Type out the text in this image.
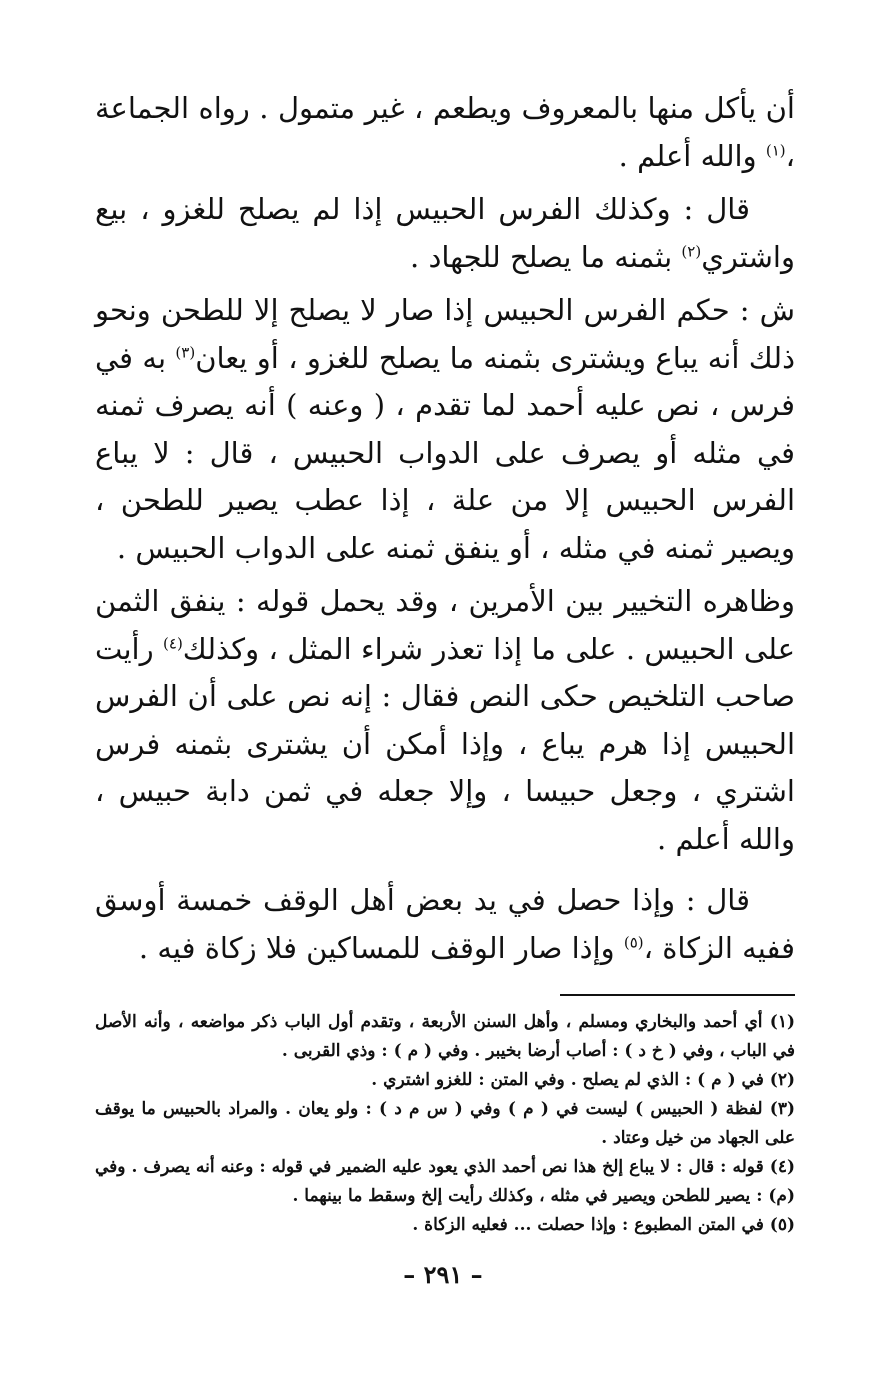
أن يأكل منها بالمعروف ويطعم ، غير متمول . رواه الجماعة ،$^{(١)}$ والله أعلم .

قال : وكذلك الفرس الحبيس إذا لم يصلح للغزو ، بيع واشتري$^{(٢)}$ بثمنه ما يصلح للجهاد .

ش : حكم الفرس الحبيس إذا صار لا يصلح إلا للطحن ونحو ذلك أنه يباع ويشترى بثمنه ما يصلح للغزو ، أو يعان$^{(٣)}$ به في فرس ، نص عليه أحمد لما تقدم ، ( وعنه ) أنه يصرف ثمنه في مثله أو يصرف على الدواب الحبيس ، قال : لا يباع الفرس الحبيس إلا من علة ، إذا عطب يصير للطحن ، ويصير ثمنه في مثله ، أو ينفق ثمنه على الدواب الحبيس .

وظاهره التخيير بين الأمرين ، وقد يحمل قوله : ينفق الثمن على الحبيس . على ما إذا تعذر شراء المثل ، وكذلك$^{(٤)}$ رأيت صاحب التلخيص حكى النص فقال : إنه نص على أن الفرس الحبيس إذا هرم يباع ، وإذا أمكن أن يشترى بثمنه فرس اشتري ، وجعل حبيسا ، وإلا جعله في ثمن دابة حبيس ، والله أعلم .

قال : وإذا حصل في يد بعض أهل الوقف خمسة أوسق ففيه الزكاة ،$^{(٥)}$ وإذا صار الوقف للمساكين فلا زكاة فيه .

(١) أي أحمد والبخاري ومسلم ، وأهل السنن الأربعة ، وتقدم أول الباب ذكر مواضعه ، وأنه الأصل في الباب ، وفي ( خ د ) : أصاب أرضا بخيبر . وفي ( م ) : وذي القربى .

(٢) في ( م ) : الذي لم يصلح . وفي المتن : للغزو اشتري .

(٣) لفظة ( الحبيس ) ليست في ( م ) وفي ( س م د ) : ولو يعان . والمراد بالحبيس ما يوقف على الجهاد من خيل وعتاد .

(٤) قوله : قال : لا يباع إلخ هذا نص أحمد الذي يعود عليه الضمير في قوله : وعنه أنه يصرف . وفي (م) : يصير للطحن ويصير في مثله ، وكذلك رأيت إلخ وسقط ما بينهما .

(٥) في المتن المطبوع : وإذا حصلت ... فعليه الزكاة .

– ٢٩١ –
